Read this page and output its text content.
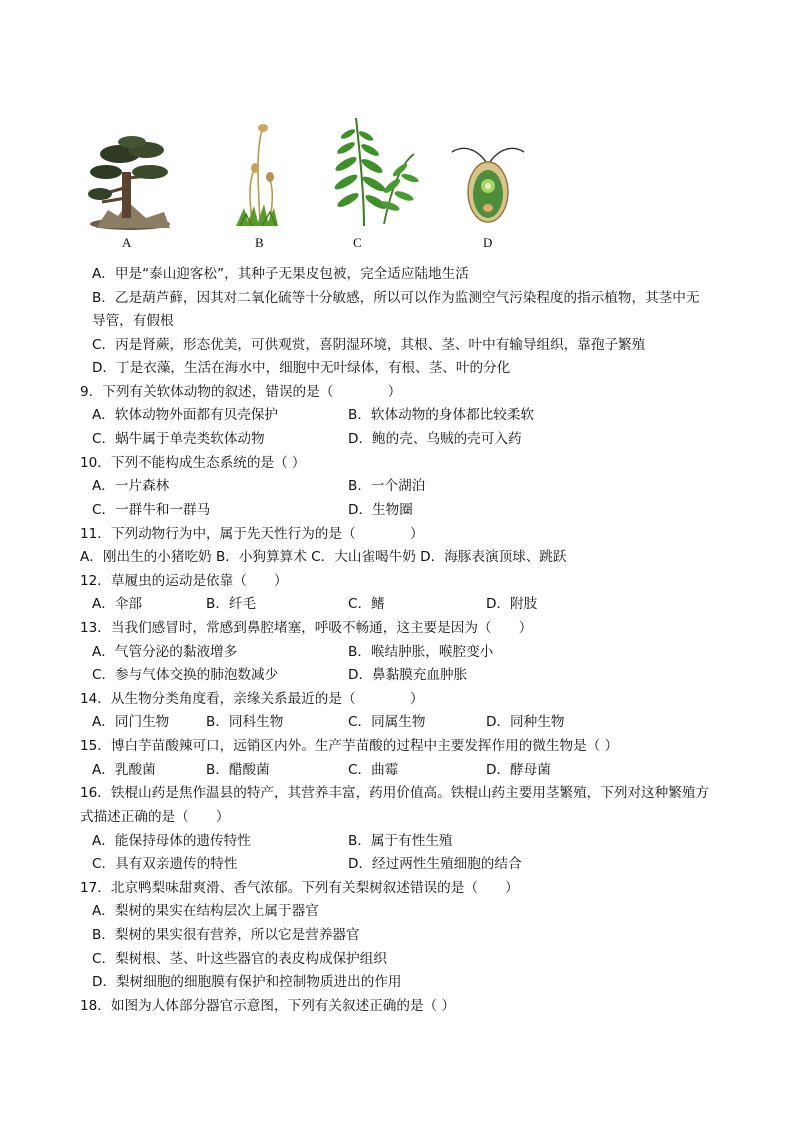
A	B	C	D
A．甲是“泰山迎客松”，其种子无果皮包被，完全适应陆地生活
B．乙是葫芦藓，因其对二氧化硫等十分敏感，所以可以作为监测空气污染程度的指示植物，其茎中无
导管，有假根
C．丙是肾蕨，形态优美，可供观赏，喜阴湿环境，其根、茎、叶中有输导组织，靠孢子繁殖
D．丁是衣藻，生活在海水中，细胞中无叶绿体，有根、茎、叶的分化
9．下列有关软体动物的叙述，错误的是（　　　　）
A．软体动物外面都有贝壳保护	B．软体动物的身体都比较柔软
C．蜗牛属于单壳类软体动物	D．鲍的壳、乌贼的壳可入药
10．下列不能构成生态系统的是（ ）
A．一片森林	B．一个湖泊
C．一群牛和一群马	D．生物圈
11．下列动物行为中，属于先天性行为的是（　　　　）
A．刚出生的小猪吃奶 B．小狗算算术 C．大山雀喝牛奶 D．海豚表演顶球、跳跃
12．草履虫的运动是依靠（　　）
A．伞部	B．纤毛	C．鳍	D．附肢
13．当我们感冒时，常感到鼻腔堵塞，呼吸不畅通，这主要是因为（　　）
A．气管分泌的黏液增多	B．喉结肿胀，喉腔变小
C．参与气体交换的肺泡数减少	D．鼻黏膜充血肿胀
14．从生物分类角度看，亲缘关系最近的是（　　　　）
A．同门生物	B．同科生物	C．同属生物	D．同种生物
15．博白芋苗酸辣可口，远销区内外。生产芋苗酸的过程中主要发挥作用的微生物是（ ）
A．乳酸菌	B．醋酸菌	C．曲霉	D．酵母菌
16．铁棍山药是焦作温县的特产，其营养丰富，药用价值高。铁棍山药主要用茎繁殖，下列对这种繁殖方
式描述正确的是（　　）
A．能保持母体的遗传特性	B．属于有性生殖
C．具有双亲遗传的特性	D．经过两性生殖细胞的结合
17．北京鸭梨味甜爽滑、香气浓郁。下列有关梨树叙述错误的是（　　）
A．梨树的果实在结构层次上属于器官
B．梨树的果实很有营养，所以它是营养器官
C．梨树根、茎、叶这些器官的表皮构成保护组织
D．梨树细胞的细胞膜有保护和控制物质进出的作用
18．如图为人体部分器官示意图，下列有关叙述正确的是（ ）
